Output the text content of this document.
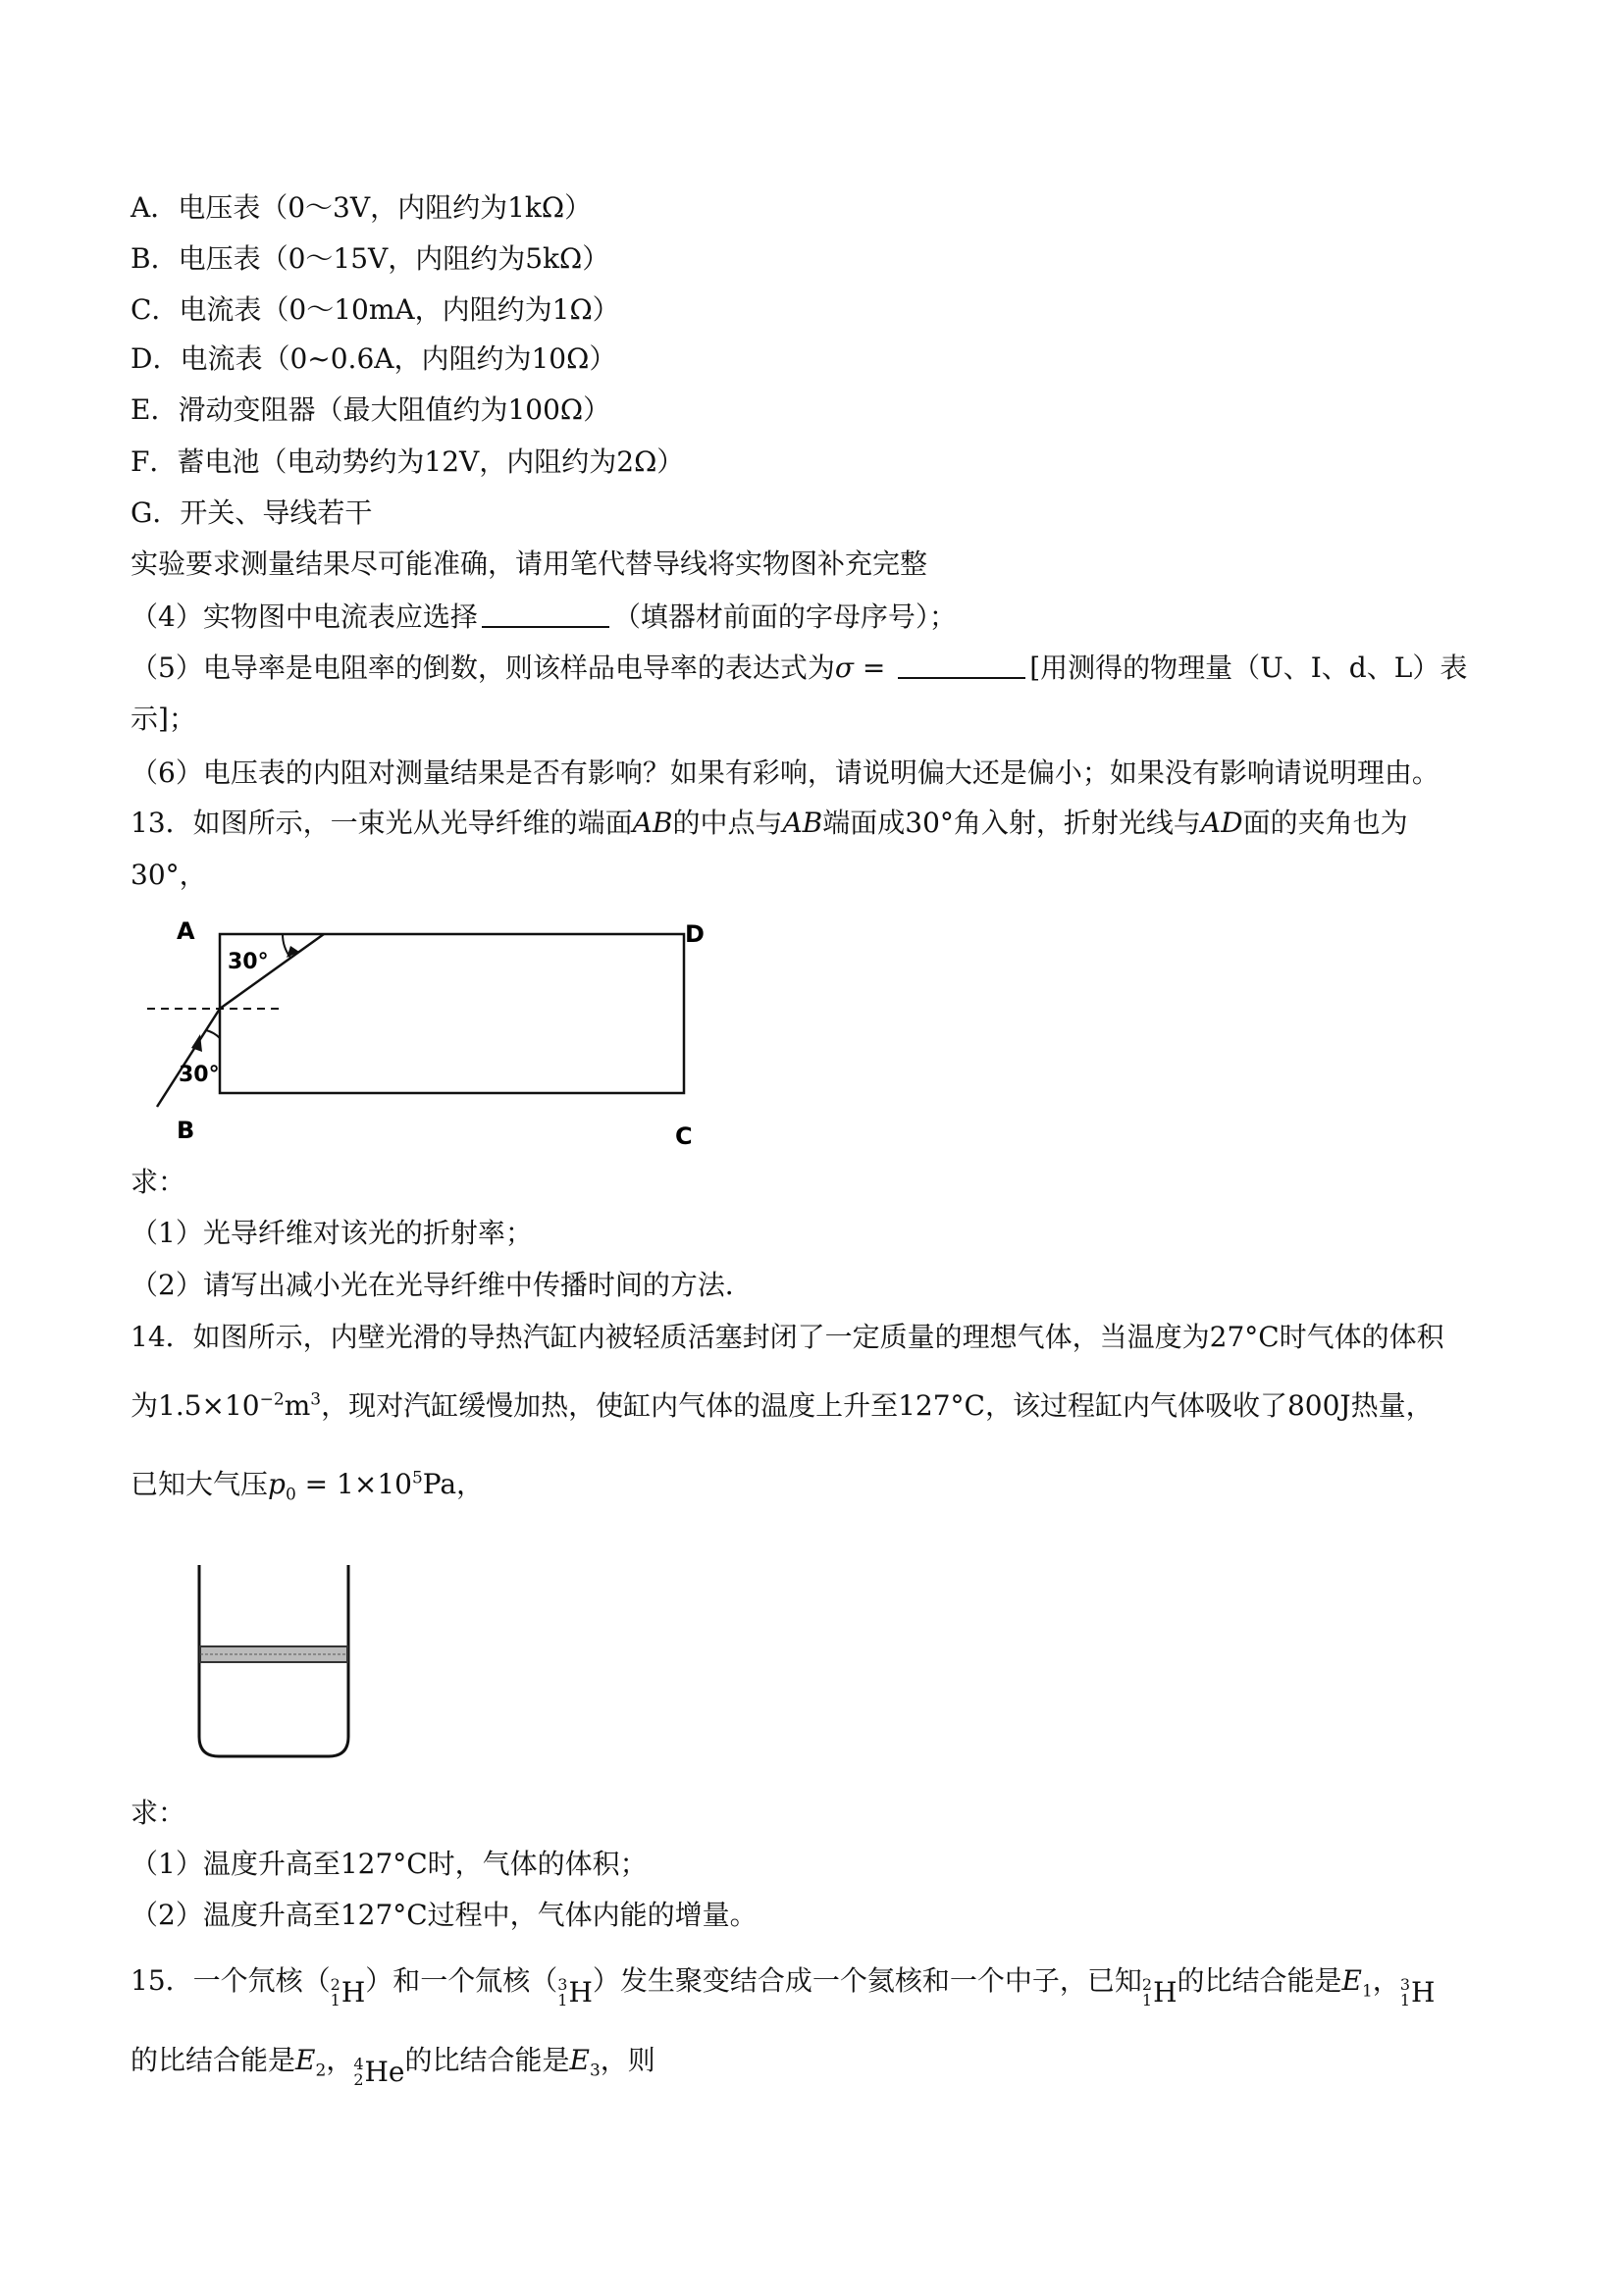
A．电压表（0～3V，内阻约为1kΩ）
B．电压表（0～15V，内阻约为5kΩ）
C．电流表（0～10mA，内阻约为1Ω）
D．电流表（0~0.6A，内阻约为10Ω）
E．滑动变阻器（最大阻值约为100Ω）
F．蓄电池（电动势约为12V，内阻约为2Ω）
G．开关、导线若干
实验要求测量结果尽可能准确，请用笔代替导线将实物图补充完整
（4）实物图中电流表应选择	（填器材前面的字母序号）；
（5）电导率是电阻率的倒数，则该样品电导率的表达式为σ =	[用测得的物理量（U、I、d、L）表
示]；
（6）电压表的内阻对测量结果是否有影响？如果有彩响，请说明偏大还是偏小；如果没有影响请说明理由。
13．如图所示，一束光从光导纤维的端面AB的中点与AB端面成30°角入射，折射光线与AD面的夹角也为
30°，
A
B	C
D
30°
30°
求：
（1）光导纤维对该光的折射率；
（2）请写出减小光在光导纤维中传播时间的方法．
14．如图所示，内壁光滑的导热汽缸内被轻质活塞封闭了一定质量的理想气体，当温度为27°C时气体的体积
为$1.5\times 10^{-2}m^3$，现对汽缸缓慢加热，使缸内气体的温度上升至127°C，该过程缸内气体吸收了800J热量，
已知大气压$p_0 = 1\times 10^5Pa$，
求：
（1）温度升高至127°C时，气体的体积；
（2）温度升高至127°C过程中，气体内能的增量。
15．一个氘核（ 2
1 H ）和一个氚核（ 3
1 H ）发生聚变结合成一个氦核和一个中子，已知 2
1 H 的比结合能是$E_1$， 3
1 H
的比结合能是$E_2$， 4
2 He 的比结合能是$E_3$，则
